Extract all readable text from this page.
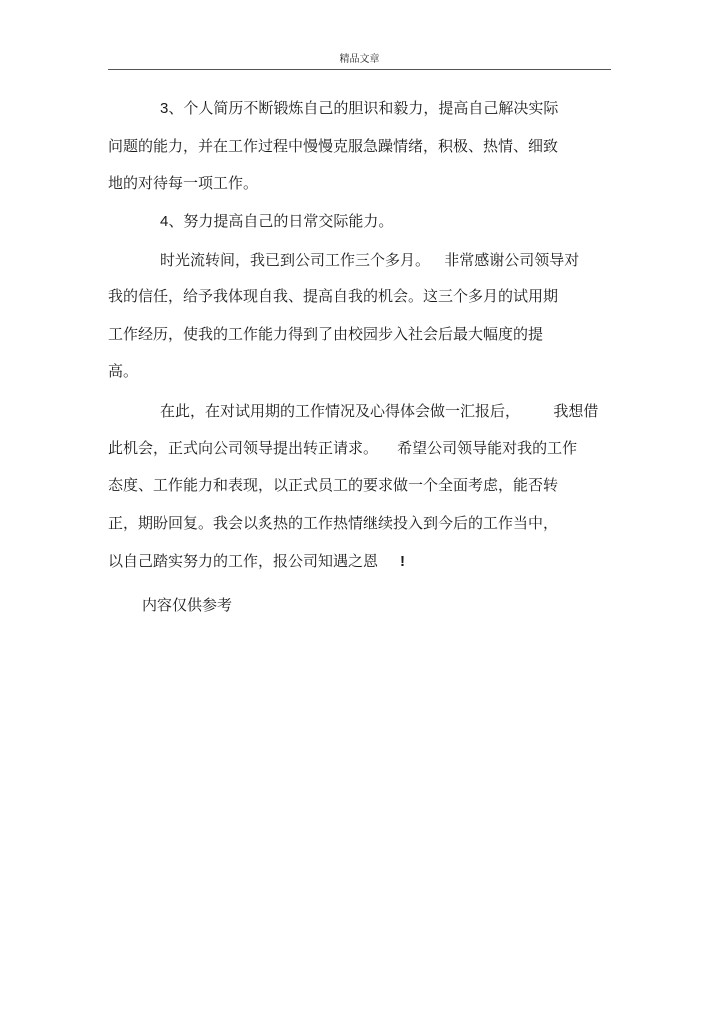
精品文章
3、个人简历不断锻炼自己的胆识和毅力，提高自己解决实际
问题的能力，并在工作过程中慢慢克服急躁情绪，积极、热情、细致
地的对待每一项工作。
4、努力提高自己的日常交际能力。
时光流转间，我已到公司工作三个多月。   非常感谢公司领导对
我的信任，给予我体现自我、提高自我的机会。这三个多月的试用期
工作经历，使我的工作能力得到了由校园步入社会后最大幅度的提
高。
在此，在对试用期的工作情况及心得体会做一汇报后，       我想借
此机会，正式向公司领导提出转正请求。    希望公司领导能对我的工作
态度、工作能力和表现，以正式员工的要求做一个全面考虑，能否转
正，期盼回复。我会以炙热的工作热情继续投入到今后的工作当中，
以自己踏实努力的工作，报公司知遇之恩 !
内容仅供参考
